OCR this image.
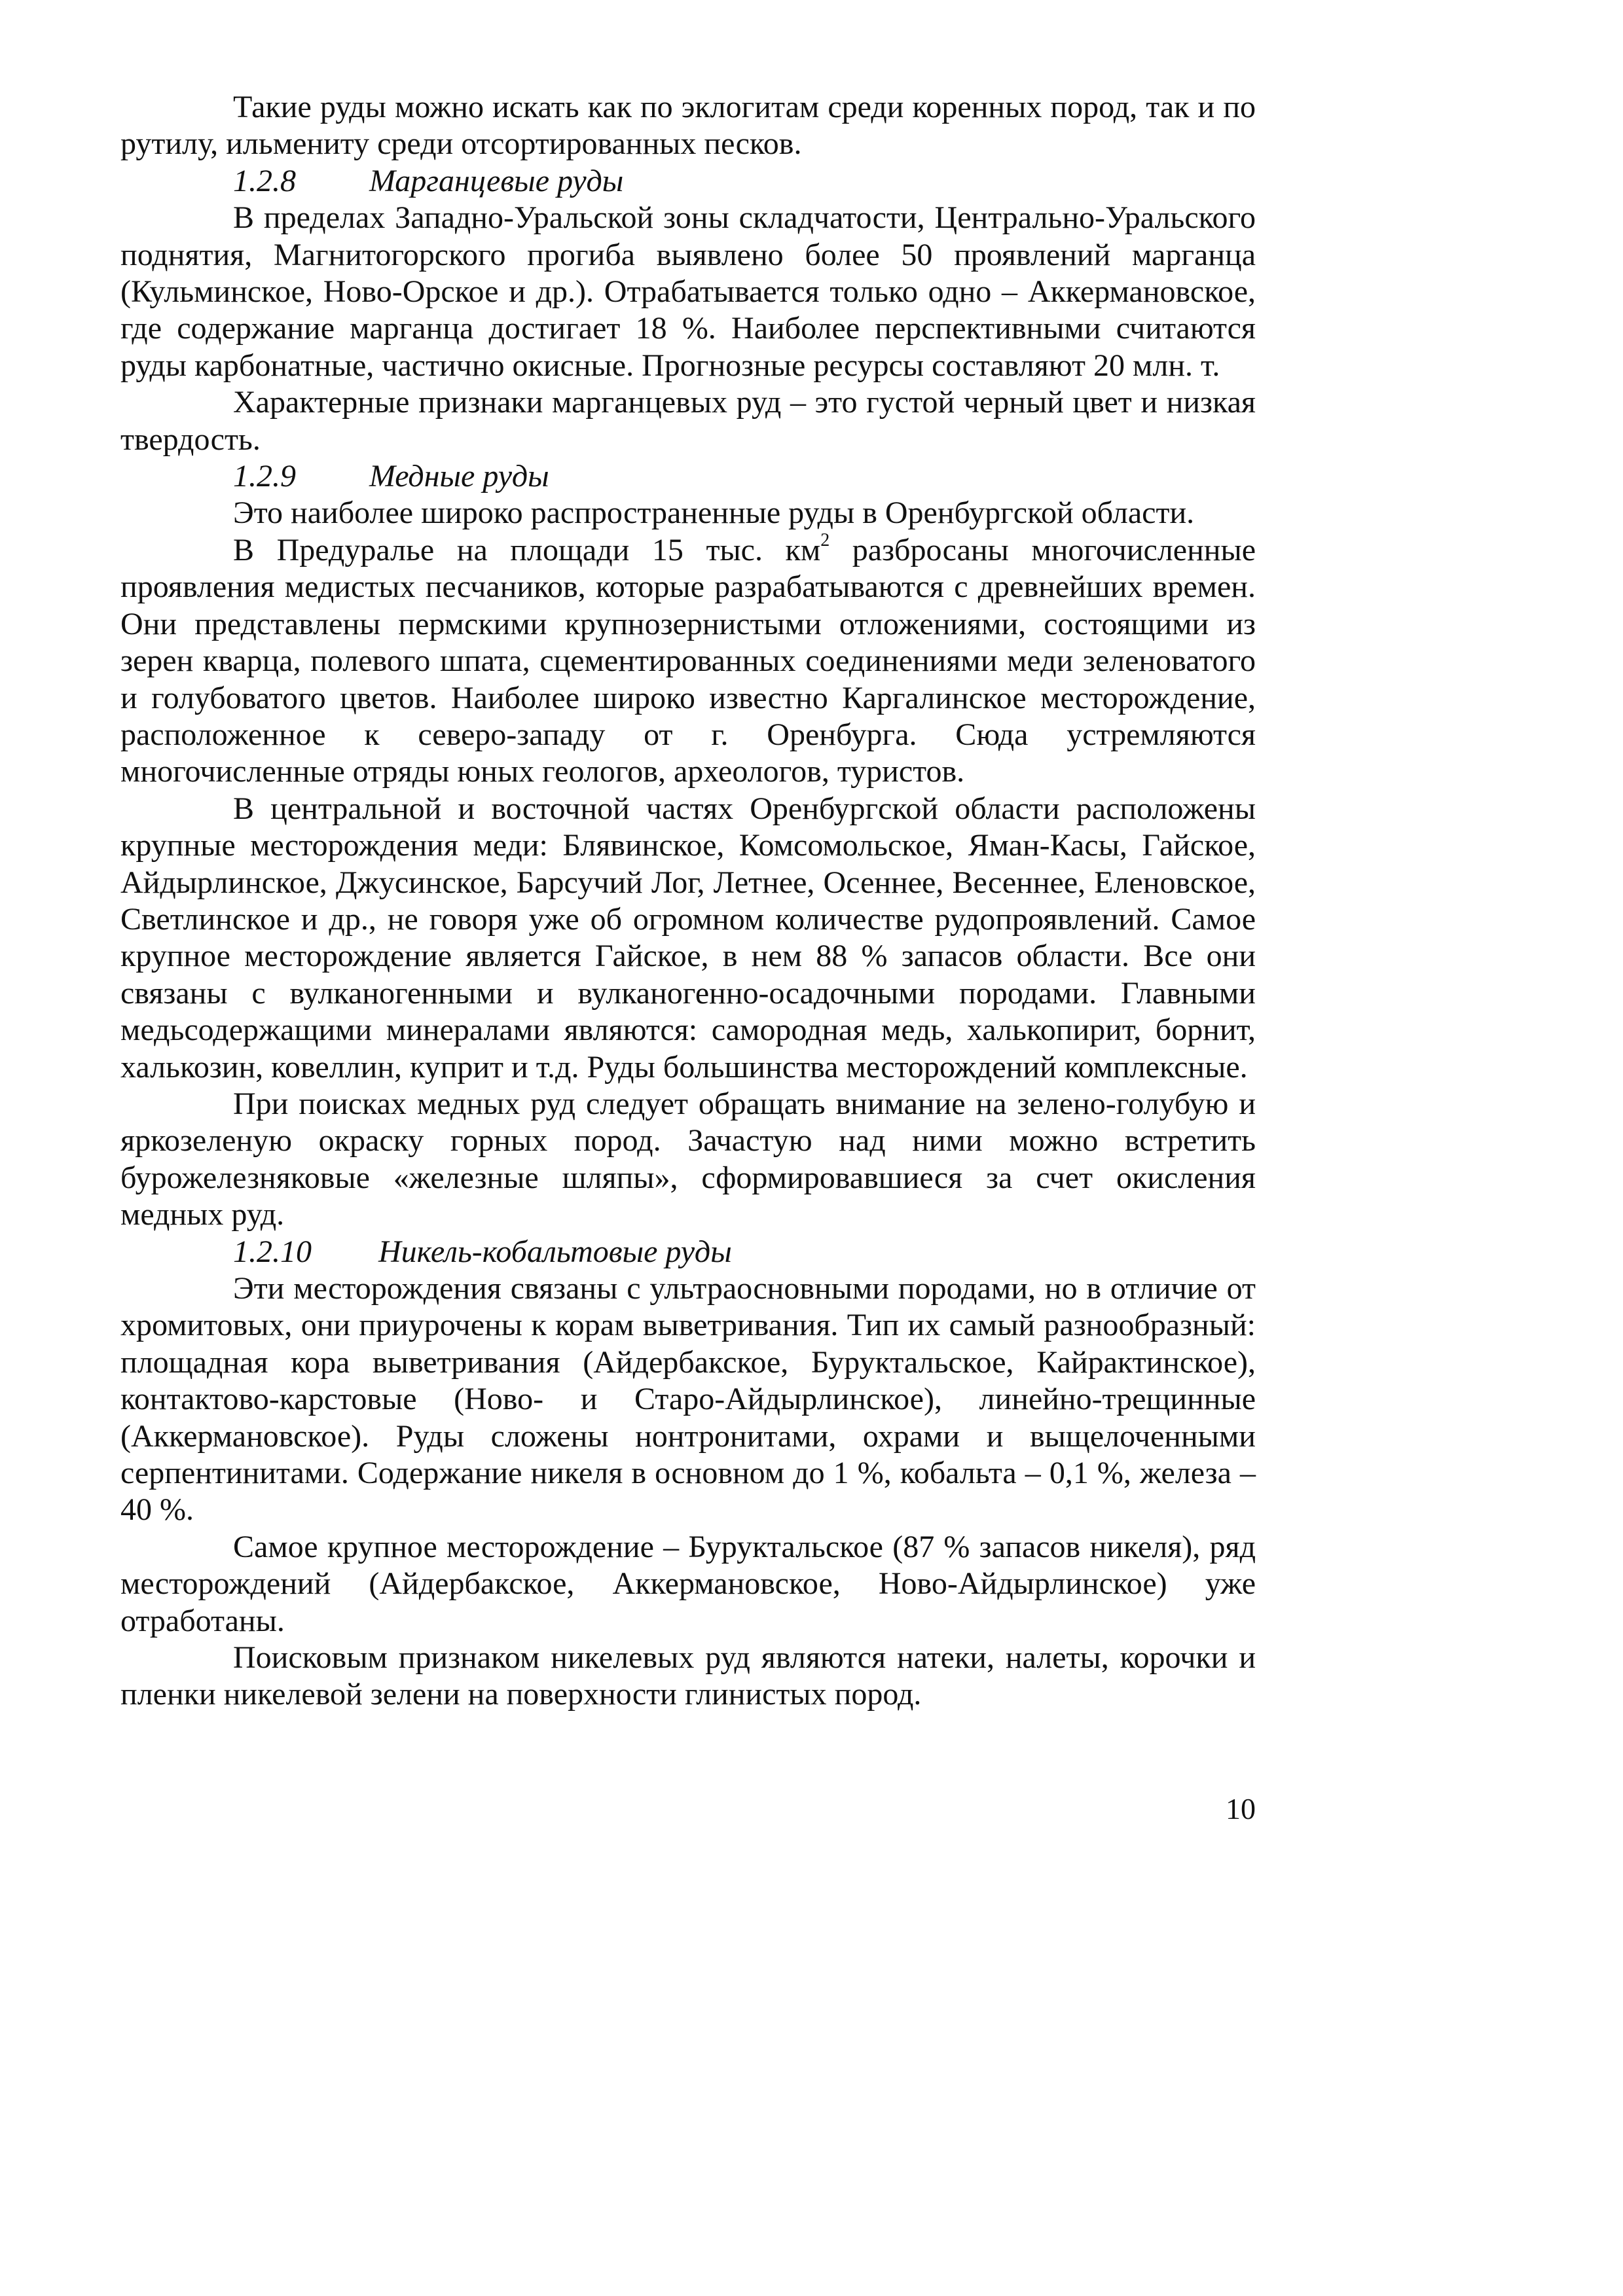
Такие руды можно искать как по эклогитам среди коренных пород, так и по рутилу, ильмениту среди отсортированных песков.

1.2.8 Марганцевые руды

В пределах Западно-Уральской зоны складчатости, Центрально-Уральского поднятия, Магнитогорского прогиба выявлено более 50 проявлений марганца (Кульминское, Ново-Орское и др.). Отрабатывается только одно – Аккермановское, где содержание марганца достигает 18 %. Наиболее перспективными считаются руды карбонатные, частично окисные. Прогнозные ресурсы составляют 20 млн. т.

Характерные признаки марганцевых руд – это густой черный цвет и низкая твердость.

1.2.9 Медные руды

Это наиболее широко распространенные руды в Оренбургской области.

В Предуралье на площади 15 тыс. $км^2$ разбросаны многочисленные проявления медистых песчаников, которые разрабатываются с древнейших времен. Они представлены пермскими крупнозернистыми отложениями, состоящими из зерен кварца, полевого шпата, сцементированных соединениями меди зеленоватого и голубоватого цветов. Наиболее широко известно Каргалинское месторождение, расположенное к северо-западу от г. Оренбурга. Сюда устремляются многочисленные отряды юных геологов, археологов, туристов.

В центральной и восточной частях Оренбургской области расположены крупные месторождения меди: Блявинское, Комсомольское, Яман-Касы, Гайское, Айдырлинское, Джусинское, Барсучий Лог, Летнее, Осеннее, Весеннее, Еленовское, Светлинское и др., не говоря уже об огромном количестве рудопроявлений. Самое крупное месторождение является Гайское, в нем 88 % запасов области. Все они связаны с вулканогенными и вулканогенно-осадочными породами. Главными медьсодержащими минералами являются: самородная медь, халькопирит, борнит, халькозин, ковеллин, куприт и т.д. Руды большинства месторождений комплексные.

При поисках медных руд следует обращать внимание на зелено-голубую и яркозеленую окраску горных пород. Зачастую над ними можно встретить бурожелезняковые «железные шляпы», сформировавшиеся за счет окисления медных руд.

1.2.10 Никель-кобальтовые руды

Эти месторождения связаны с ультраосновными породами, но в отличие от хромитовых, они приурочены к корам выветривания. Тип их самый разнообразный: площадная кора выветривания (Айдербакское, Буруктальское, Кайрактинское), контактово-карстовые (Ново- и Старо-Айдырлинское), линейно-трещинные (Аккермановское). Руды сложены нонтронитами, охрами и выщелоченными серпентинитами. Содержание никеля в основном до 1 %, кобальта – 0,1 %, железа – 40 %.

Самое крупное месторождение – Буруктальское (87 % запасов никеля), ряд месторождений (Айдербакское, Аккермановское, Ново-Айдырлинское) уже отработаны.

Поисковым признаком никелевых руд являются натеки, налеты, корочки и пленки никелевой зелени на поверхности глинистых пород.

10
